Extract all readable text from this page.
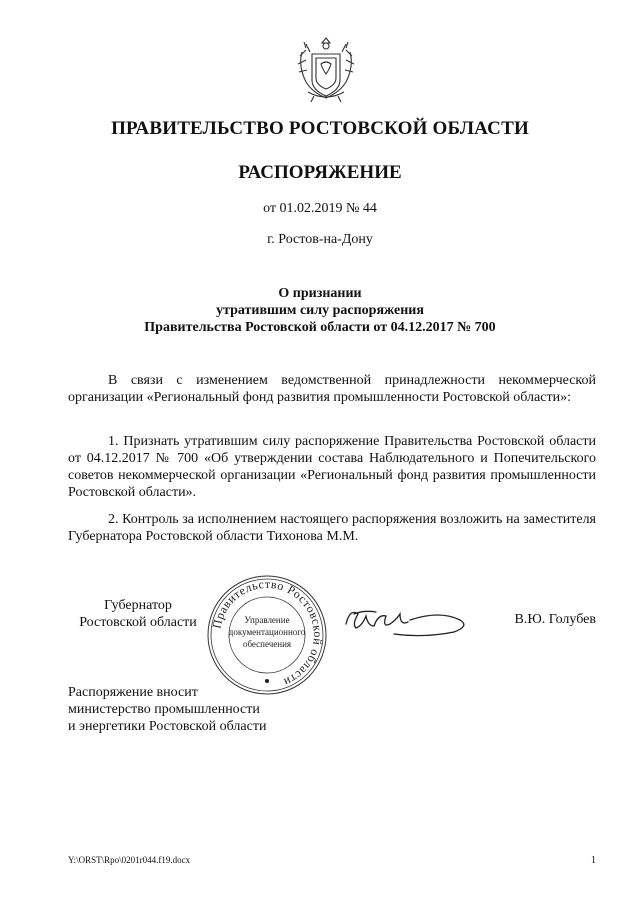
ПРАВИТЕЛЬСТВО РОСТОВСКОЙ ОБЛАСТИ
РАСПОРЯЖЕНИЕ
от 01.02.2019 № 44
г. Ростов-на-Дону
О признании
утратившим силу распоряжения
Правительства Ростовской области от 04.12.2017 № 700

В связи с изменением ведомственной принадлежности некоммерческой организации «Региональный фонд развития промышленности Ростовской области»:

1. Признать утратившим силу распоряжение Правительства Ростовской области от 04.12.2017 № 700 «Об утверждении состава Наблюдательного и Попечительского советов некоммерческой организации «Региональный фонд развития промышленности Ростовской области».

2. Контроль за исполнением настоящего распоряжения возложить на заместителя Губернатора Ростовской области Тихонова М.М.

Губернатор
Ростовской области	Правительство Ростовской области
Управление
документационного
обеспечения
В.Ю. Голубев
Распоряжение вносит
министерство промышленности
и энергетики Ростовской области
Y:\ORST\Rpo\0201r044.f19.docx	1
